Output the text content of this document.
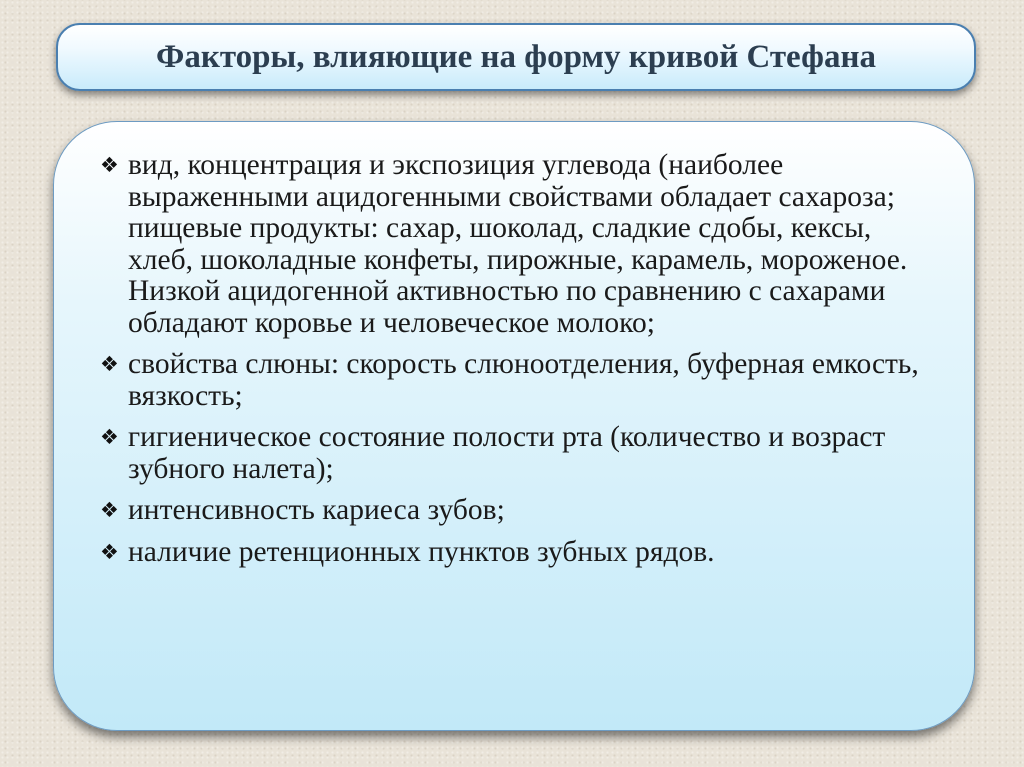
Факторы, влияющие на форму кривой Стефана
❖ вид, концентрация и экспозиция углевода (наиболее выраженными ацидогенными свойствами обладает сахароза; пищевые продукты: сахар, шоколад, сладкие сдобы, кексы, хлеб, шоколадные конфеты, пирожные, карамель, мороженое. Низкой ацидогенной активностью по сравнению с сахарами обладают коровье и человеческое молоко;
❖ свойства слюны: скорость слюноотделения, буферная емкость, вязкость;
❖ гигиеническое состояние полости рта (количество и возраст зубного налета);
❖ интенсивность кариеса зубов;
❖ наличие ретенционных пунктов зубных рядов.
